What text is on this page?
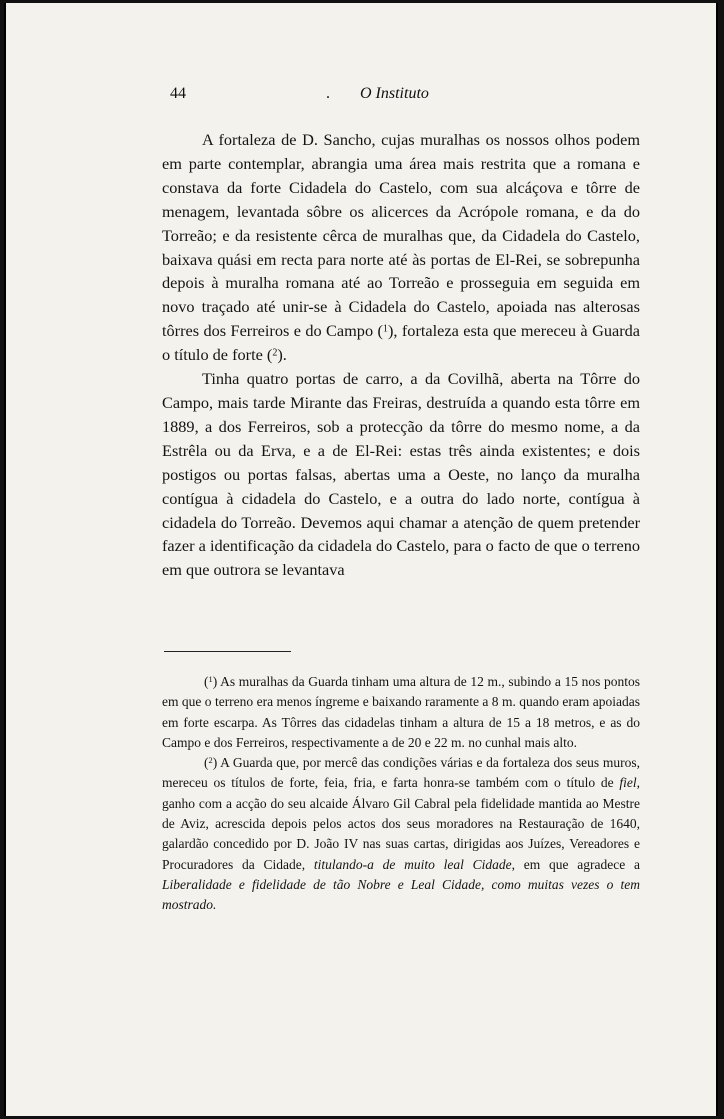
44	. O Instituto

A fortaleza de D. Sancho, cujas muralhas os nossos olhos podem em parte contemplar, abrangia uma área mais restrita que a romana e constava da forte Cidadela do Castelo, com sua alcáçova e tôrre de menagem, levantada sôbre os alicerces da Acrópole romana, e da do Torreão; e da resistente cêrca de muralhas que, da Cidadela do Castelo, baixava quási em recta para norte até às portas de El-Rei, se sobrepunha depois à muralha romana até ao Torreão e prosseguia em seguida em novo traçado até unir-se à Cidadela do Castelo, apoiada nas alterosas tôrres dos Ferreiros e do Campo ($^1$), fortaleza esta que mereceu à Guarda o título de forte ($^2$).

Tinha quatro portas de carro, a da Covilhã, aberta na Tôrre do Campo, mais tarde Mirante das Freiras, destruída a quando esta tôrre em 1889, a dos Ferreiros, sob a protecção da tôrre do mesmo nome, a da Estrêla ou da Erva, e a de El-Rei: estas três ainda existentes; e dois postigos ou portas falsas, abertas uma a Oeste, no lanço da muralha contígua à cidadela do Castelo, e a outra do lado norte, contígua à cidadela do Torreão. Devemos aqui chamar a atenção de quem pretender fazer a identificação da cidadela do Castelo, para o facto de que o terreno em que outrora se levantava

($^1$) As muralhas da Guarda tinham uma altura de 12 m., subindo a 15 nos pontos em que o terreno era menos íngreme e baixando raramente a 8 m. quando eram apoiadas em forte escarpa. As Tôrres das cidadelas tinham a altura de 15 a 18 metros, e as do Campo e dos Ferreiros, respectivamente a de 20 e 22 m. no cunhal mais alto.

($^2$) A Guarda que, por mercê das condições várias e da fortaleza dos seus muros, mereceu os títulos de forte, feia, fria, e farta honra-se também com o título de fiel, ganho com a acção do seu alcaide Álvaro Gil Cabral pela fidelidade mantida ao Mestre de Aviz, acrescida depois pelos actos dos seus moradores na Restauração de 1640, galardão concedido por D. João IV nas suas cartas, dirigidas aos Juízes, Vereadores e Procuradores da Cidade, titulando-a de muito leal Cidade, em que agradece a Liberalidade e fidelidade de tão Nobre e Leal Cidade, como muitas vezes o tem mostrado.
